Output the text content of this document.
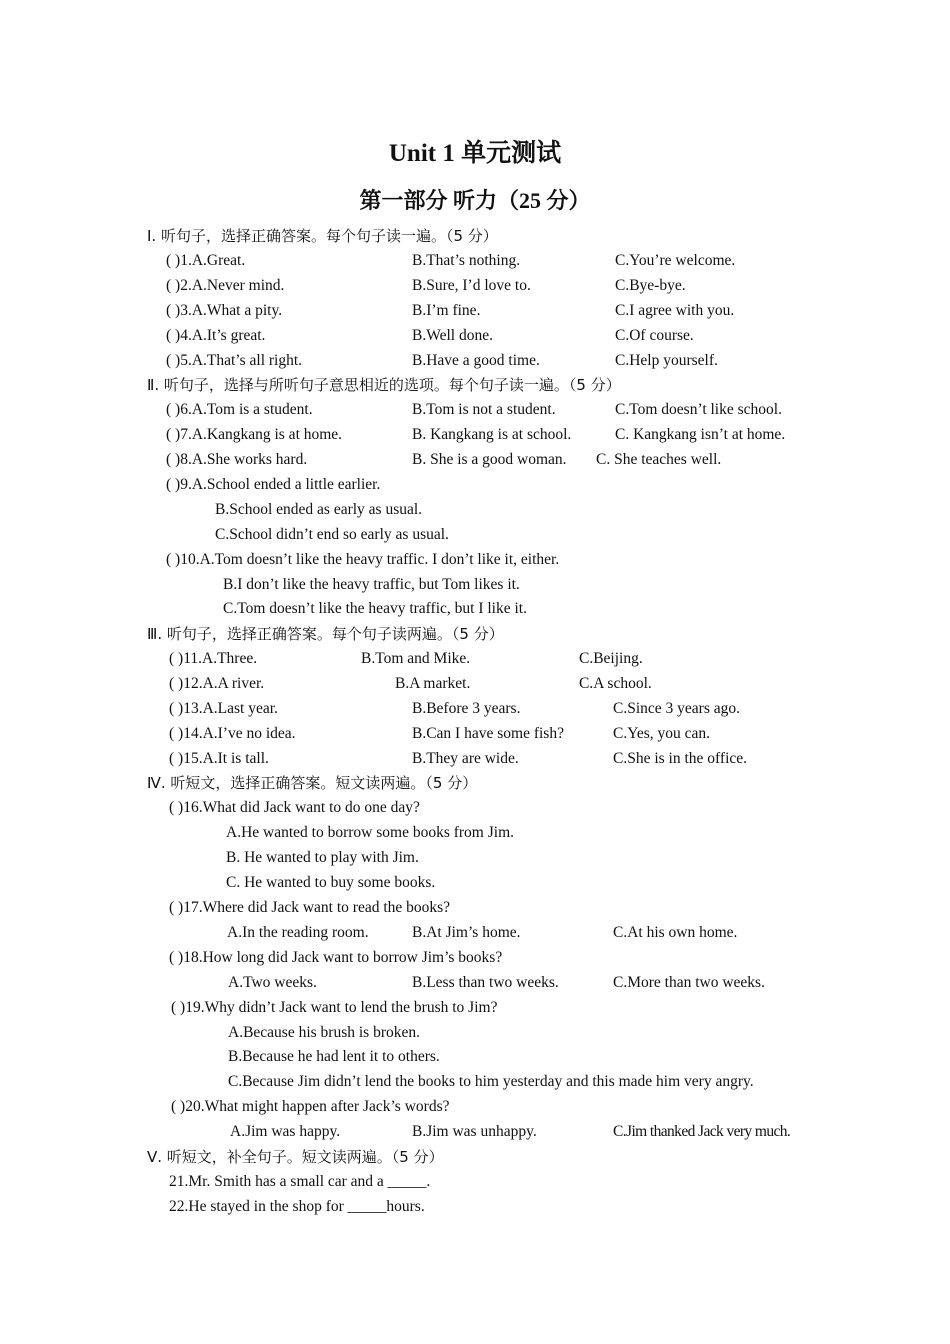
Unit 1 单元测试
第一部分 听力（25 分）
Ⅰ. 听句子，选择正确答案。每个句子读一遍。（5 分）
( )1.A.Great.	B.That’s nothing.	C.You’re welcome.
( )2.A.Never mind.	B.Sure, I’d love to.	C.Bye-bye.
( )3.A.What a pity.	B.I’m fine.	C.I agree with you.
( )4.A.It’s great.	B.Well done.	C.Of course.
( )5.A.That’s all right.	B.Have a good time.	C.Help yourself.
Ⅱ. 听句子，选择与所听句子意思相近的选项。每个句子读一遍。（5 分）
( )6.A.Tom is a student.	B.Tom is not a student.	C.Tom doesn’t like school.
( )7.A.Kangkang is at home.	B. Kangkang is at school.	C. Kangkang isn’t at home.
( )8.A.She works hard.	B. She is a good woman. C. She teaches well.
( )9.A.School ended a little earlier.
B.School ended as early as usual.
C.School didn’t end so early as usual.
( )10.A.Tom doesn’t like the heavy traffic. I don’t like it, either.
B.I don’t like the heavy traffic, but Tom likes it.
C.Tom doesn’t like the heavy traffic, but I like it.
Ⅲ. 听句子，选择正确答案。每个句子读两遍。（5 分）
( )11.A.Three.	B.Tom and Mike.	C.Beijing.
( )12.A.A river.	B.A market.	C.A school.
( )13.A.Last year.	B.Before 3 years.	C.Since 3 years ago.
( )14.A.I’ve no idea.	B.Can I have some fish?	C.Yes, you can.
( )15.A.It is tall.	B.They are wide.	C.She is in the office.
Ⅳ. 听短文，选择正确答案。短文读两遍。（5 分）
( )16.What did Jack want to do one day?
A.He wanted to borrow some books from Jim.
B. He wanted to play with Jim.
C. He wanted to buy some books.
( )17.Where did Jack want to read the books?
A.In the reading room.	B.At Jim’s home.	C.At his own home.
( )18.How long did Jack want to borrow Jim’s books?
A.Two weeks.	B.Less than two weeks.	C.More than two weeks.
( )19.Why didn’t Jack want to lend the brush to Jim?
A.Because his brush is broken.
B.Because he had lent it to others.
C.Because Jim didn’t lend the books to him yesterday and this made him very angry.
( )20.What might happen after Jack’s words?
A.Jim was happy.	B.Jim was unhappy.	C.Jim thanked Jack very much.
Ⅴ. 听短文，补全句子。短文读两遍。（5 分）
21.Mr. Smith has a small car and a _____.
22.He stayed in the shop for _____hours.
